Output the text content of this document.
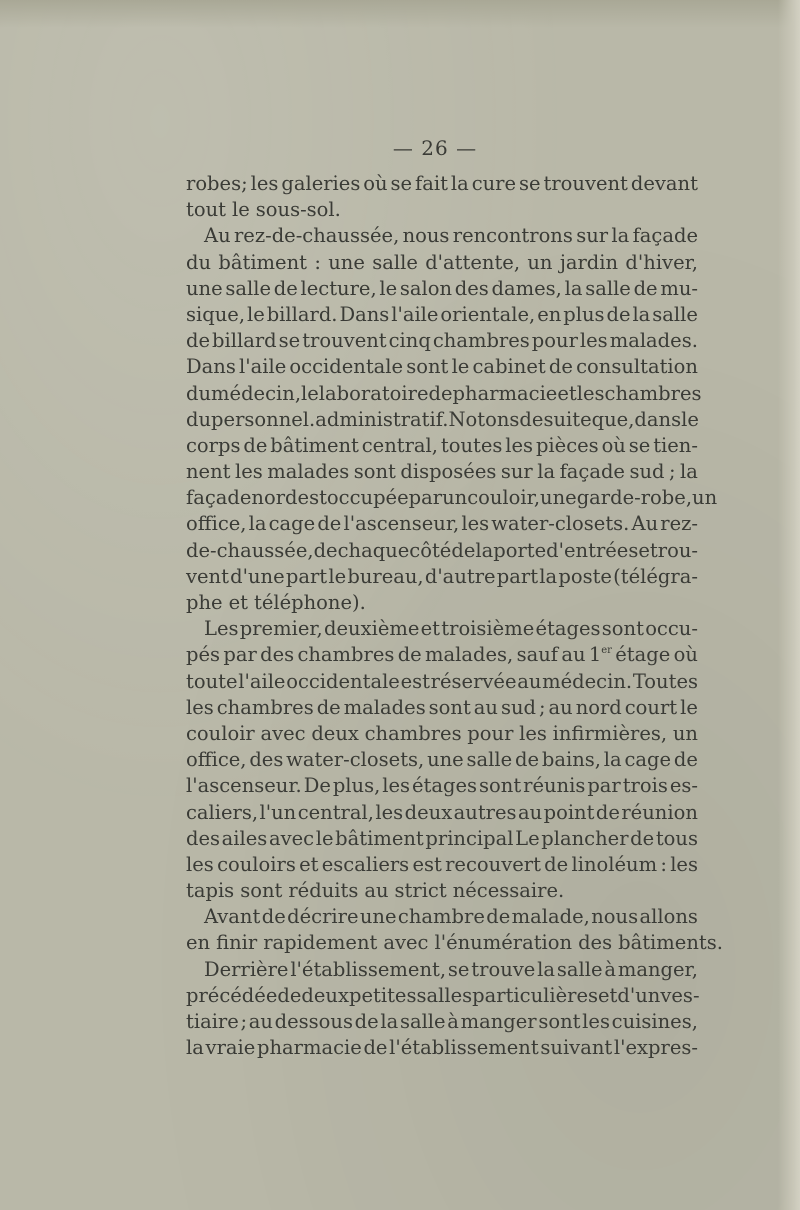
— 26 —
robes; les galeries où se fait la cure se trouvent devant
tout le sous-sol.
Au rez-de-chaussée, nous rencontrons sur la façade
du bâtiment : une salle d'attente, un jardin d'hiver,
une salle de lecture, le salon des dames, la salle de mu-
sique, le billard. Dans l'aile orientale, en plus de la salle
de billard se trouvent cinq chambres pour les malades.
Dans l'aile occidentale sont le cabinet de consultation
du médecin, le laboratoire de pharmacie et les chambres
du personnel.administratif. Notons de suite que, dans le
corps de bâtiment central, toutes les pièces où se tien-
nent les malades sont disposées sur la façade sud ; la
façade nord est occupée par un couloir, une garde-robe, un
office, la cage de l'ascenseur, les water-closets. Au rez-
de-chaussée, de chaque côté de la porte d'entrée se trou-
vent d'une part le bureau, d'autre part la poste (télégra-
phe et téléphone).
Les premier, deuxième et troisième étages sont occu-
pés par des chambres de malades, sauf au 1er étage où
toute l'aile occidentale est réservée au médecin. Toutes
les chambres de malades sont au sud ; au nord court le
couloir avec deux chambres pour les infirmières, un
office, des water-closets, une salle de bains, la cage de
l'ascenseur. De plus, les étages sont réunis par trois es-
caliers, l'un central, les deux autres au point de réunion
des ailes avec le bâtiment principal Le plancher de tous
les couloirs et escaliers est recouvert de linoléum : les
tapis sont réduits au strict nécessaire.
Avant de décrire une chambre de malade, nous allons
en finir rapidement avec l'énumération des bâtiments.
Derrière l'établissement, se trouve la salle à manger,
précédée de deux petites salles particulières et d'un ves-
tiaire ; au dessous de la salle à manger sont les cuisines,
la vraie pharmacie de l'établissement suivant l'expres-
